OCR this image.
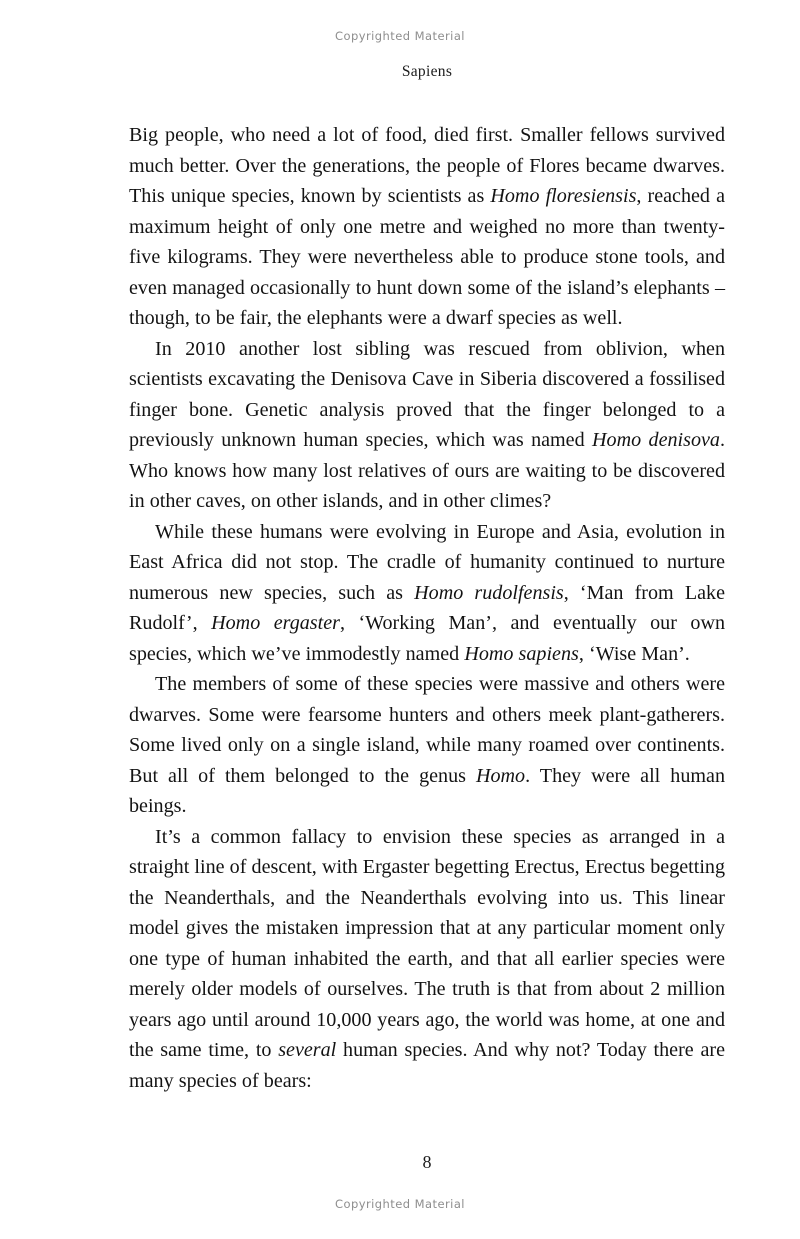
Copyrighted Material
Sapiens

Big people, who need a lot of food, died first. Smaller fellows survived much better. Over the generations, the people of Flores became dwarves. This unique species, known by scientists as Homo floresiensis, reached a maximum height of only one metre and weighed no more than twenty-five kilograms. They were nevertheless able to produce stone tools, and even managed occasionally to hunt down some of the island’s elephants – though, to be fair, the elephants were a dwarf species as well.

In 2010 another lost sibling was rescued from oblivion, when scientists excavating the Denisova Cave in Siberia discovered a fossilised finger bone. Genetic analysis proved that the finger belonged to a previously unknown human species, which was named Homo denisova. Who knows how many lost relatives of ours are waiting to be discovered in other caves, on other islands, and in other climes?

While these humans were evolving in Europe and Asia, evolution in East Africa did not stop. The cradle of humanity continued to nurture numerous new species, such as Homo rudolfensis, ‘Man from Lake Rudolf’, Homo ergaster, ‘Working Man’, and eventually our own species, which we’ve immodestly named Homo sapiens, ‘Wise Man’.

The members of some of these species were massive and others were dwarves. Some were fearsome hunters and others meek plant-gatherers. Some lived only on a single island, while many roamed over continents. But all of them belonged to the genus Homo. They were all human beings.

It’s a common fallacy to envision these species as arranged in a straight line of descent, with Ergaster begetting Erectus, Erectus begetting the Neanderthals, and the Neanderthals evolving into us. This linear model gives the mistaken impression that at any particular moment only one type of human inhabited the earth, and that all earlier species were merely older models of ourselves. The truth is that from about 2 million years ago until around 10,000 years ago, the world was home, at one and the same time, to several human species. And why not? Today there are many species of bears:

8
Copyrighted Material
